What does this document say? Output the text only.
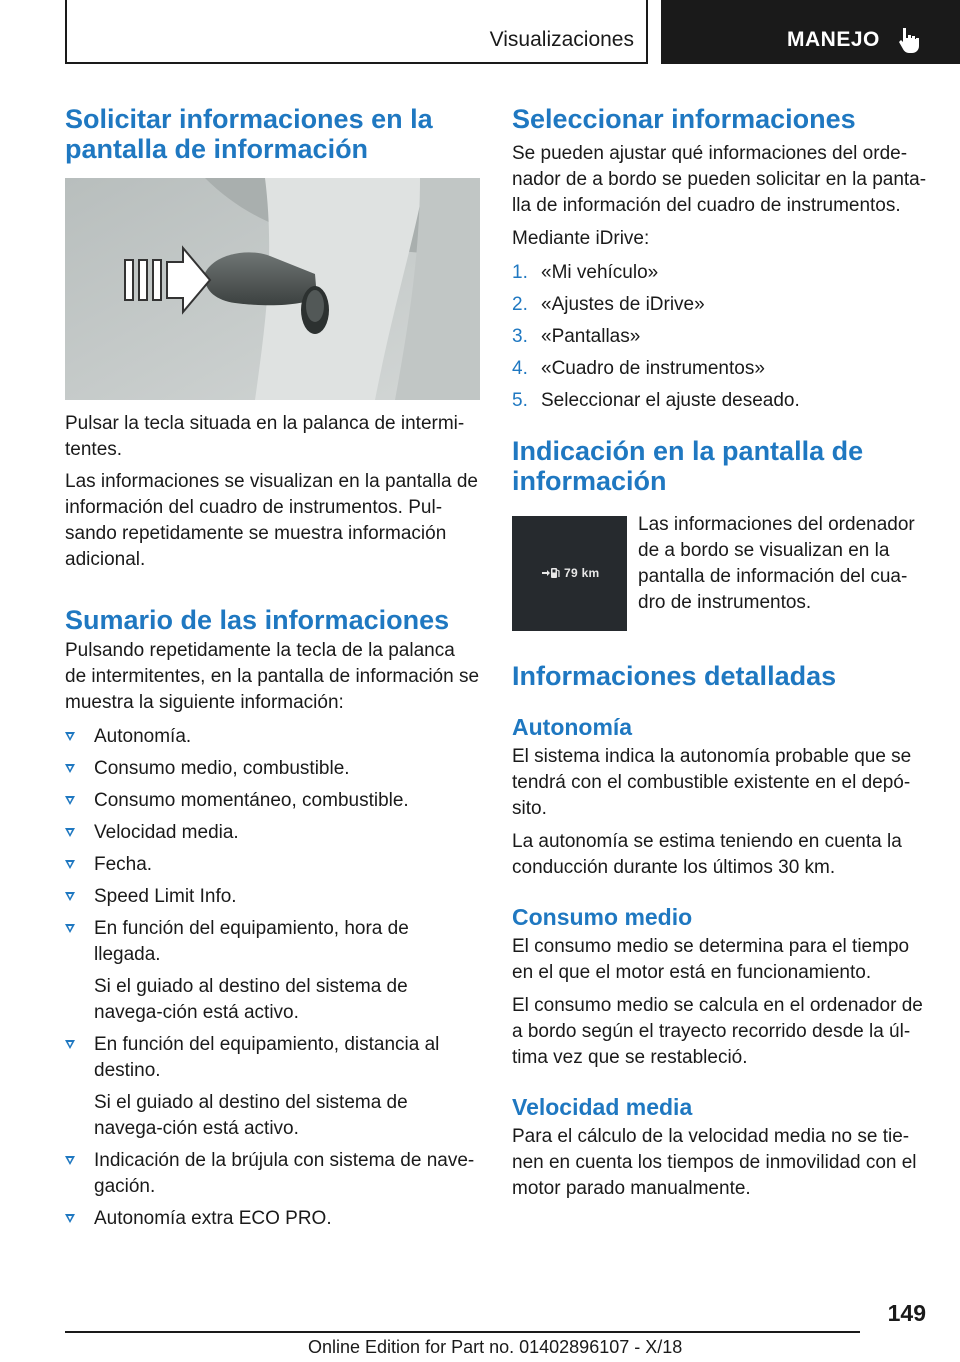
Visualizaciones	MANEJO
Solicitar informaciones en la pantalla de información

Pulsar la tecla situada en la palanca de intermi‐tentes.

Las informaciones se visualizan en la pantalla de información del cuadro de instrumentos. Pul‐sando repetidamente se muestra información adicional.

Sumario de las informaciones

Pulsando repetidamente la tecla de la palanca de intermitentes, en la pantalla de información se muestra la siguiente información:

Autonomía.
Consumo medio, combustible.
Consumo momentáneo, combustible.
Velocidad media.
Fecha.
Speed Limit Info.
En función del equipamiento, hora de llegada.
Si el guiado al destino del sistema de navega‐ción está activo.
En función del equipamiento, distancia al destino.
Si el guiado al destino del sistema de navega‐ción está activo.
Indicación de la brújula con sistema de nave‐gación.
Autonomía extra ECO PRO.
Seleccionar informaciones

Se pueden ajustar qué informaciones del orde‐nador de a bordo se pueden solicitar en la panta‐lla de información del cuadro de instrumentos.

Mediante iDrive:

1. «Mi vehículo»
2. «Ajustes de iDrive»
3. «Pantallas»
4. «Cuadro de instrumentos»
5. Seleccionar el ajuste deseado.
Indicación en la pantalla de información
79 km

Las informaciones del ordenador de a bordo se visualizan en la pantalla de información del cua‐dro de instrumentos.

Informaciones detalladas
Autonomía

El sistema indica la autonomía probable que se tendrá con el combustible existente en el depó‐sito.

La autonomía se estima teniendo en cuenta la conducción durante los últimos 30 km.

Consumo medio

El consumo medio se determina para el tiempo en el que el motor está en funcionamiento.

El consumo medio se calcula en el ordenador de a bordo según el trayecto recorrido desde la úl‐tima vez que se restableció.

Velocidad media

Para el cálculo de la velocidad media no se tie‐nen en cuenta los tiempos de inmovilidad con el motor parado manualmente.

149
Online Edition for Part no. 01402896107 - X/18
